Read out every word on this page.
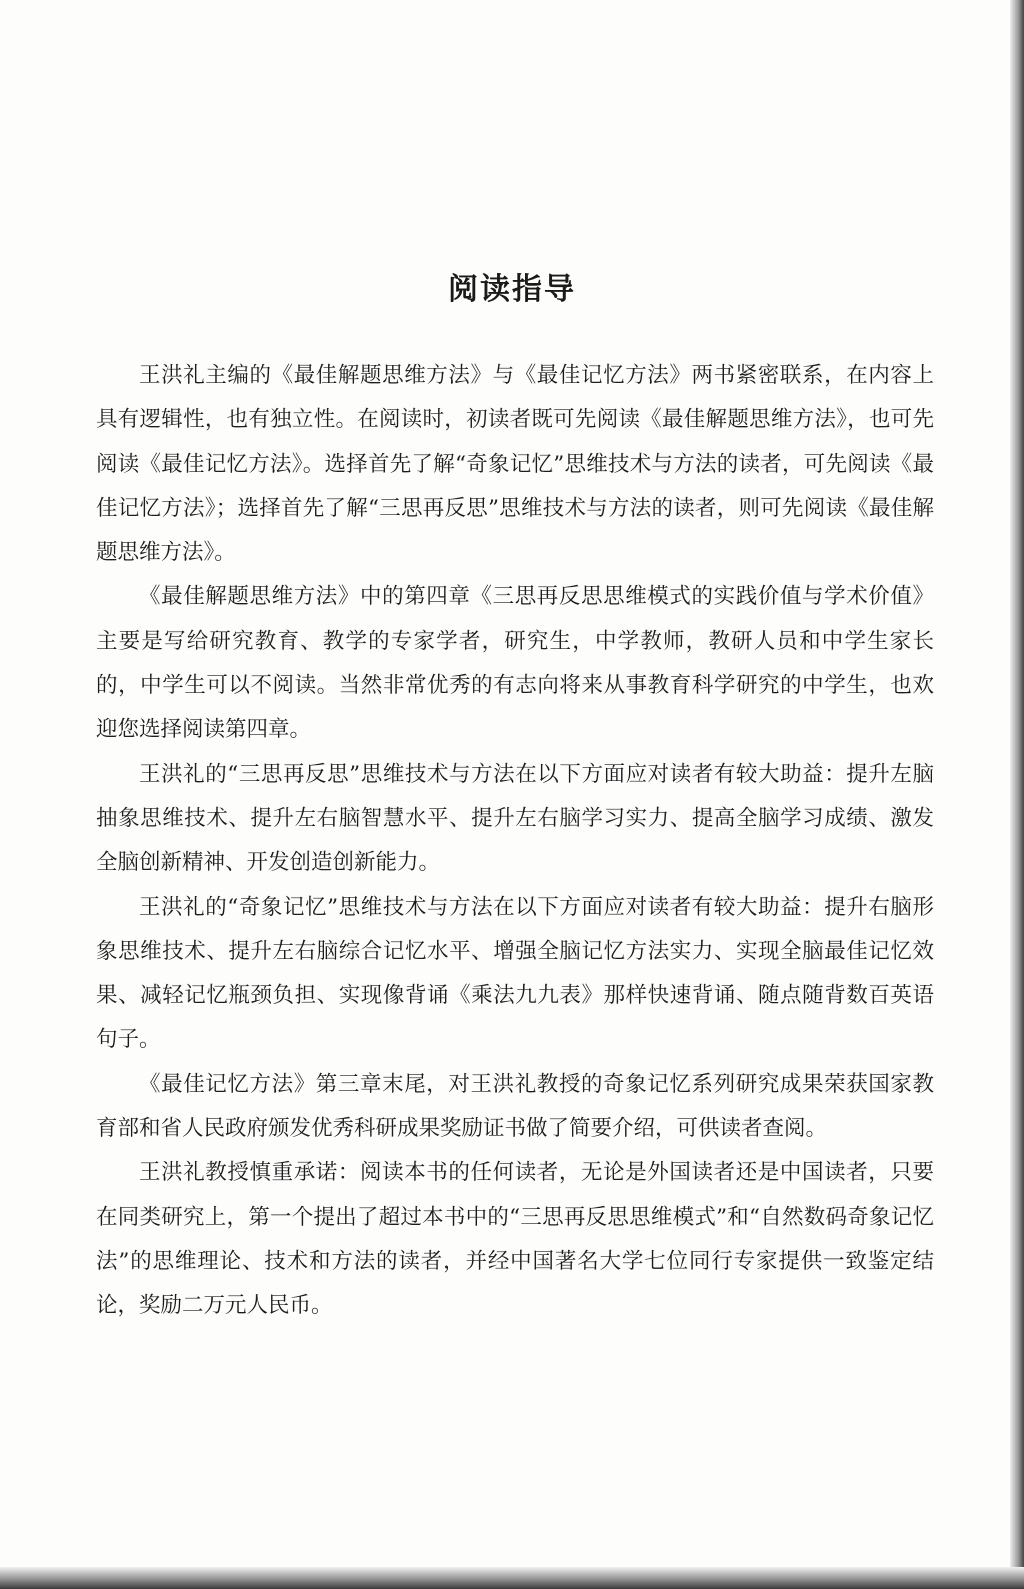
阅读指导

王洪礼主编的《最佳解题思维方法》与《最佳记忆方法》两书紧密联系，在内容上具有逻辑性，也有独立性。在阅读时，初读者既可先阅读《最佳解题思维方法》，也可先阅读《最佳记忆方法》。选择首先了解“奇象记忆”思维技术与方法的读者，可先阅读《最佳记忆方法》；选择首先了解“三思再反思”思维技术与方法的读者，则可先阅读《最佳解题思维方法》。

《最佳解题思维方法》中的第四章《三思再反思思维模式的实践价值与学术价值》主要是写给研究教育、教学的专家学者，研究生，中学教师，教研人员和中学生家长的，中学生可以不阅读。当然非常优秀的有志向将来从事教育科学研究的中学生，也欢迎您选择阅读第四章。

王洪礼的“三思再反思”思维技术与方法在以下方面应对读者有较大助益：提升左脑抽象思维技术、提升左右脑智慧水平、提升左右脑学习实力、提高全脑学习成绩、激发全脑创新精神、开发创造创新能力。

王洪礼的“奇象记忆”思维技术与方法在以下方面应对读者有较大助益：提升右脑形象思维技术、提升左右脑综合记忆水平、增强全脑记忆方法实力、实现全脑最佳记忆效果、减轻记忆瓶颈负担、实现像背诵《乘法九九表》那样快速背诵、随点随背数百英语句子。

《最佳记忆方法》第三章末尾，对王洪礼教授的奇象记忆系列研究成果荣获国家教育部和省人民政府颁发优秀科研成果奖励证书做了简要介绍，可供读者查阅。

王洪礼教授慎重承诺：阅读本书的任何读者，无论是外国读者还是中国读者，只要在同类研究上，第一个提出了超过本书中的“三思再反思思维模式”和“自然数码奇象记忆法”的思维理论、技术和方法的读者，并经中国著名大学七位同行专家提供一致鉴定结论，奖励二万元人民币。
